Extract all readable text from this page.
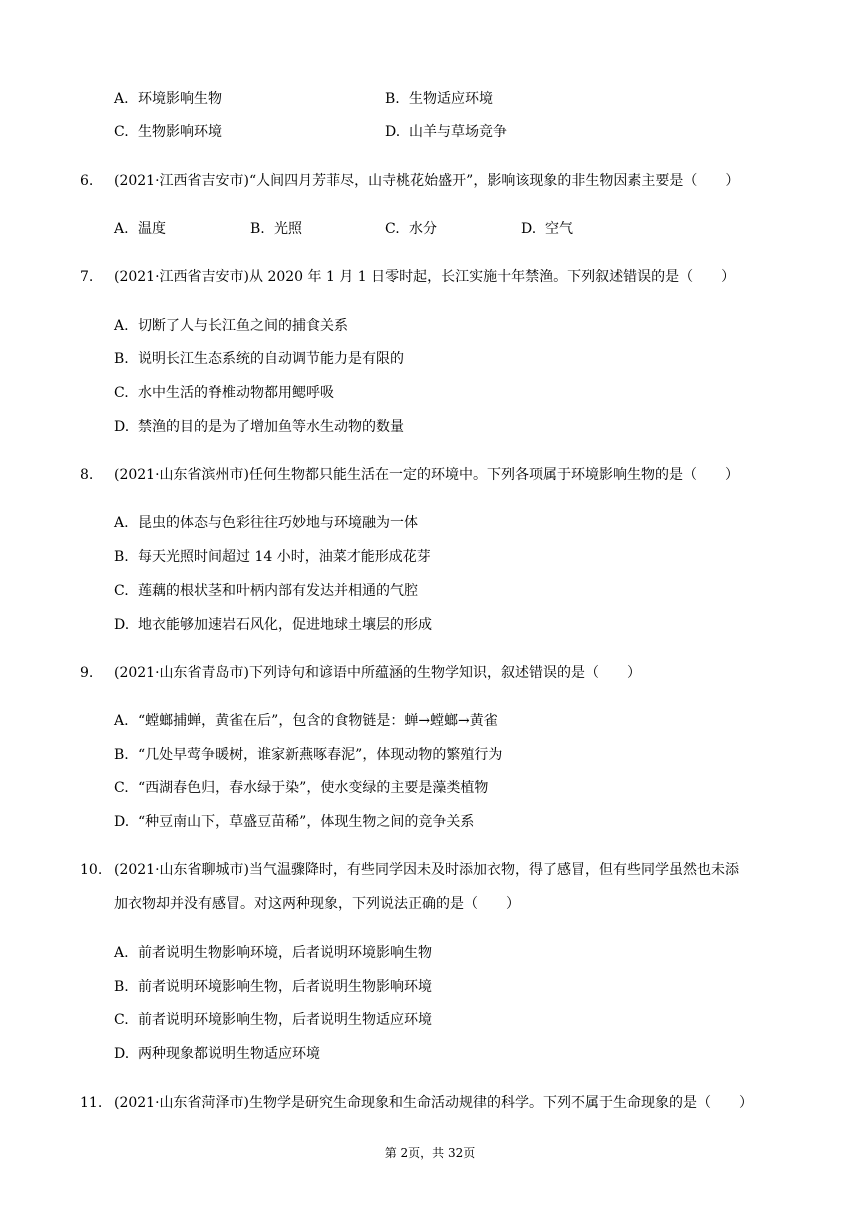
A. 环境影响生物	B. 生物适应环境
C. 生物影响环境	D. 山羊与草场竞争
6. (2021·江西省吉安市)“人间四月芳菲尽，山寺桃花始盛开”，影响该现象的非生物因素主要是（　　）
A. 温度	B. 光照	C. 水分	D. 空气
7. (2021·江西省吉安市)从 2020 年 1 月 1 日零时起，长江实施十年禁渔。下列叙述错误的是（　　）
A. 切断了人与长江鱼之间的捕食关系
B. 说明长江生态系统的自动调节能力是有限的
C. 水中生活的脊椎动物都用鳃呼吸
D. 禁渔的目的是为了增加鱼等水生动物的数量
8. (2021·山东省滨州市)任何生物都只能生活在一定的环境中。下列各项属于环境影响生物的是（　　）
A. 昆虫的体态与色彩往往巧妙地与环境融为一体
B. 每天光照时间超过 14 小时，油菜才能形成花芽
C. 莲藕的根状茎和叶柄内部有发达并相通的气腔
D. 地衣能够加速岩石风化，促进地球土壤层的形成
9. (2021·山东省青岛市)下列诗句和谚语中所蕴涵的生物学知识，叙述错误的是（　　）
A. “螳螂捕蝉，黄雀在后”，包含的食物链是：蝉→螳螂→黄雀
B. “几处早莺争暖树，谁家新燕啄春泥”，体现动物的繁殖行为
C. “西湖春色归，春水绿于染”，使水变绿的主要是藻类植物
D. “种豆南山下，草盛豆苗稀”，体现生物之间的竞争关系
10. (2021·山东省聊城市)当气温骤降时，有些同学因未及时添加衣物，得了感冒，但有些同学虽然也未添
加衣物却并没有感冒。对这两种现象，下列说法正确的是（　　）
A. 前者说明生物影响环境，后者说明环境影响生物
B. 前者说明环境影响生物，后者说明生物影响环境
C. 前者说明环境影响生物，后者说明生物适应环境
D. 两种现象都说明生物适应环境
11. (2021·山东省菏泽市)生物学是研究生命现象和生命活动规律的科学。下列不属于生命现象的是（　　）
第 2页，共 32页
